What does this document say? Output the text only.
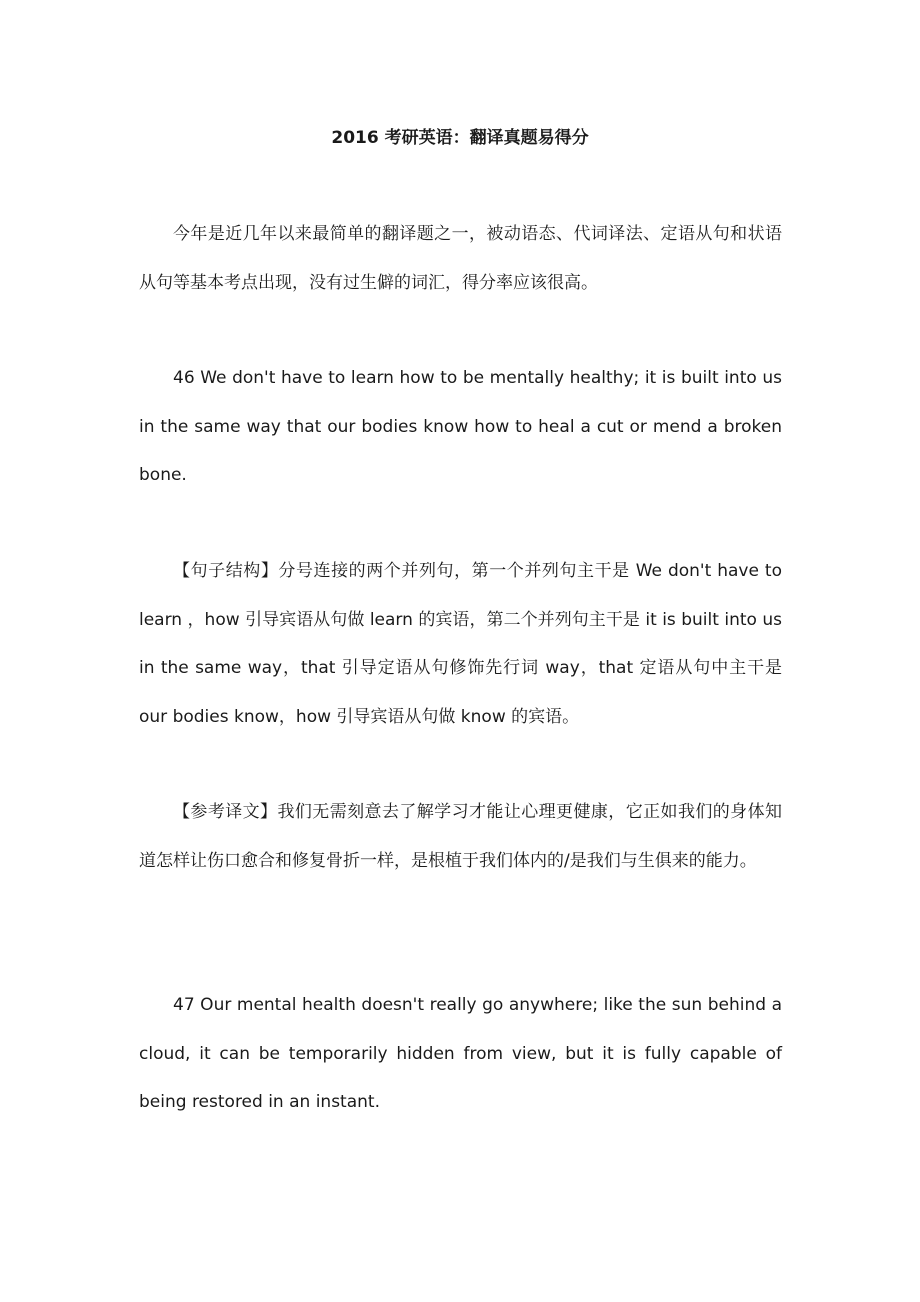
2016 考研英语：翻译真题易得分

今年是近几年以来最简单的翻译题之一，被动语态、代词译法、定语从句和状语从句等基本考点出现，没有过生僻的词汇，得分率应该很高。

46 We don't have to learn how to be mentally healthy; it is built into us in the same way that our bodies know how to heal a cut or mend a broken bone.

【句子结构】分号连接的两个并列句，第一个并列句主干是 We don't have to learn ，how 引导宾语从句做 learn 的宾语，第二个并列句主干是 it is built into us in the same way，that 引导定语从句修饰先行词 way，that 定语从句中主干是 our bodies know，how 引导宾语从句做 know 的宾语。

【参考译文】我们无需刻意去了解学习才能让心理更健康，它正如我们的身体知道怎样让伤口愈合和修复骨折一样，是根植于我们体内的/是我们与生俱来的能力。

47 Our mental health doesn't really go anywhere; like the sun behind a cloud, it can be temporarily hidden from view, but it is fully capable of being restored in an instant.
